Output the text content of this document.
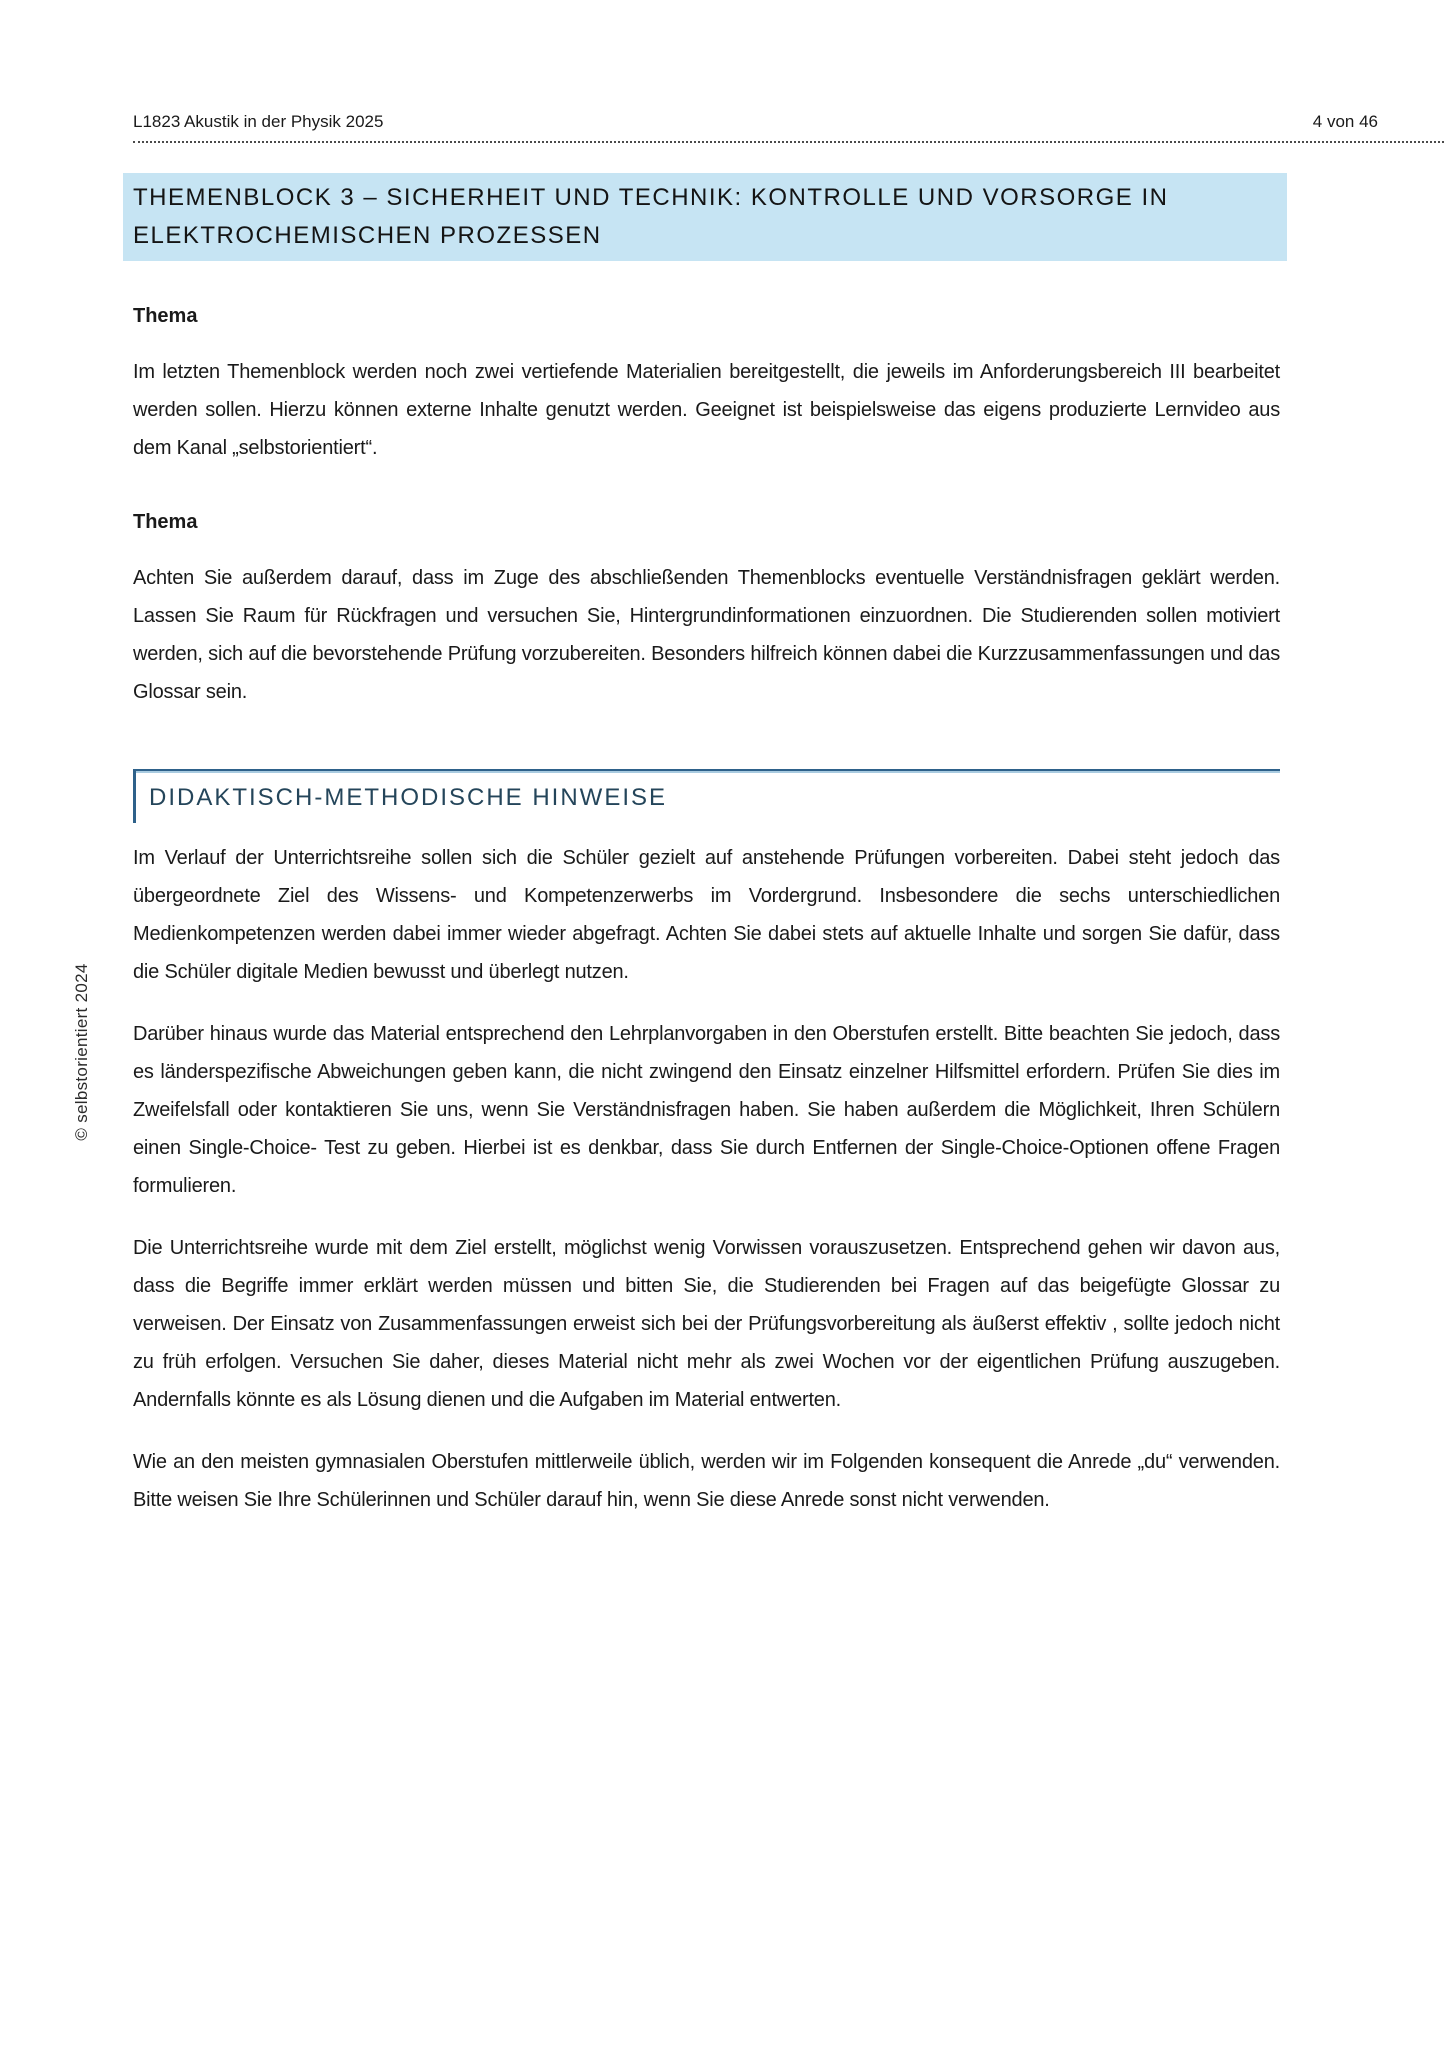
L1823 Akustik in der Physik 2025	4 von 46
© selbstorientiert 2024
THEMENBLOCK 3 – SICHERHEIT UND TECHNIK: KONTROLLE UND VORSORGE IN ELEKTROCHEMISCHEN PROZESSEN
Thema

Im letzten Themenblock werden noch zwei vertiefende Materialien bereitgestellt, die jeweils im Anforderungsbereich III bearbeitet werden sollen. Hierzu können externe Inhalte genutzt werden. Geeignet ist beispielsweise das eigens produzierte Lernvideo aus dem Kanal „selbstorientiert“.

Thema

Achten Sie außerdem darauf, dass im Zuge des abschließenden Themenblocks eventuelle Verständnisfragen geklärt werden. Lassen Sie Raum für Rückfragen und versuchen Sie, Hintergrundinformationen einzuordnen. Die Studierenden sollen motiviert werden, sich auf die bevorstehende Prüfung vorzubereiten. Besonders hilfreich können dabei die Kurzzusammenfassungen und das Glossar sein.

DIDAKTISCH-METHODISCHE HINWEISE

Im Verlauf der Unterrichtsreihe sollen sich die Schüler gezielt auf anstehende Prüfungen vorbereiten. Dabei steht jedoch das übergeordnete Ziel des Wissens- und Kompetenzerwerbs im Vordergrund. Insbesondere die sechs unterschiedlichen Medienkompetenzen werden dabei immer wieder abgefragt. Achten Sie dabei stets auf aktuelle Inhalte und sorgen Sie dafür, dass die Schüler digitale Medien bewusst und überlegt nutzen.

Darüber hinaus wurde das Material entsprechend den Lehrplanvorgaben in den Oberstufen erstellt. Bitte beachten Sie jedoch, dass es länderspezifische Abweichungen geben kann, die nicht zwingend den Einsatz einzelner Hilfsmittel erfordern. Prüfen Sie dies im Zweifelsfall oder kontaktieren Sie uns, wenn Sie Verständnisfragen haben. Sie haben außerdem die Möglichkeit, Ihren Schülern einen Single-Choice- Test zu geben. Hierbei ist es denkbar, dass Sie durch Entfernen der Single-Choice-Optionen offene Fragen formulieren.

Die Unterrichtsreihe wurde mit dem Ziel erstellt, möglichst wenig Vorwissen vorauszusetzen. Entsprechend gehen wir davon aus, dass die Begriffe immer erklärt werden müssen und bitten Sie, die Studierenden bei Fragen auf das beigefügte Glossar zu verweisen. Der Einsatz von Zusammenfassungen erweist sich bei der Prüfungsvorbereitung als äußerst effektiv , sollte jedoch nicht zu früh erfolgen. Versuchen Sie daher, dieses Material nicht mehr als zwei Wochen vor der eigentlichen Prüfung auszugeben. Andernfalls könnte es als Lösung dienen und die Aufgaben im Material entwerten.

Wie an den meisten gymnasialen Oberstufen mittlerweile üblich, werden wir im Folgenden konsequent die Anrede „du“ verwenden. Bitte weisen Sie Ihre Schülerinnen und Schüler darauf hin, wenn Sie diese Anrede sonst nicht verwenden.
